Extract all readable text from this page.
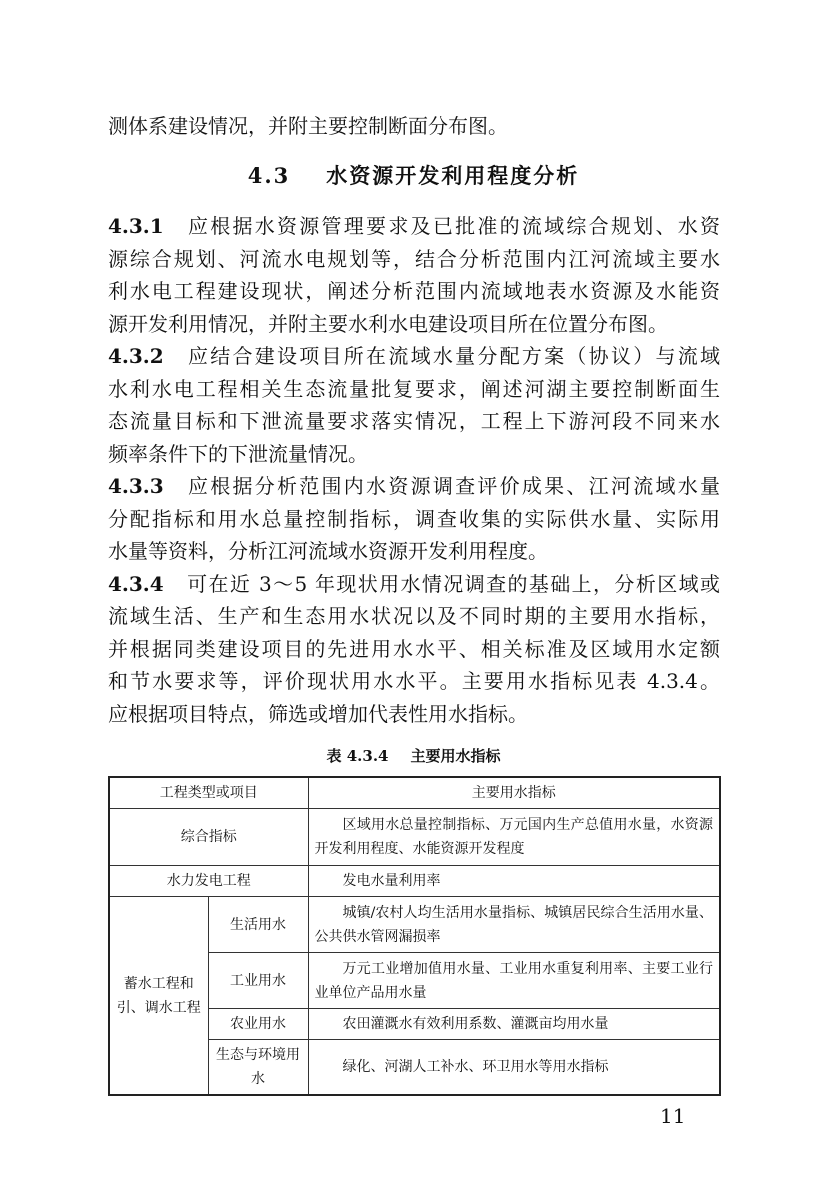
测体系建设情况，并附主要控制断面分布图。
4.3 水资源开发利用程度分析
4.3.1 应根据水资源管理要求及已批准的流域综合规划、水资
源综合规划、河流水电规划等，结合分析范围内江河流域主要水
利水电工程建设现状，阐述分析范围内流域地表水资源及水能资
源开发利用情况，并附主要水利水电建设项目所在位置分布图。
4.3.2 应结合建设项目所在流域水量分配方案（协议）与流域
水利水电工程相关生态流量批复要求，阐述河湖主要控制断面生
态流量目标和下泄流量要求落实情况，工程上下游河段不同来水
频率条件下的下泄流量情况。
4.3.3 应根据分析范围内水资源调查评价成果、江河流域水量
分配指标和用水总量控制指标，调查收集的实际供水量、实际用
水量等资料，分析江河流域水资源开发利用程度。
4.3.4 可在近 3～5 年现状用水情况调查的基础上，分析区域或
流域生活、生产和生态用水状况以及不同时期的主要用水指标，
并根据同类建设项目的先进用水水平、相关标准及区域用水定额
和节水要求等，评价现状用水水平。主要用水指标见表 4.3.4。
应根据项目特点，筛选或增加代表性用水指标。
表 4.3.4 主要用水指标
工程类型或项目		主要用水指标
综合指标		区域用水总量控制指标、万元国内生产总值用水量，水资源开发利用程度、水能资源开发程度
水力发电工程		发电水量利用率
蓄水工程和引、调水工程	生活用水	城镇/农村人均生活用水量指标、城镇居民综合生活用水量、公共供水管网漏损率
	工业用水	万元工业增加值用水量、工业用水重复利用率、主要工业行业单位产品用水量
	农业用水	农田灌溉水有效利用系数、灌溉亩均用水量
	生态与环境用水	绿化、河湖人工补水、环卫用水等用水指标
11
